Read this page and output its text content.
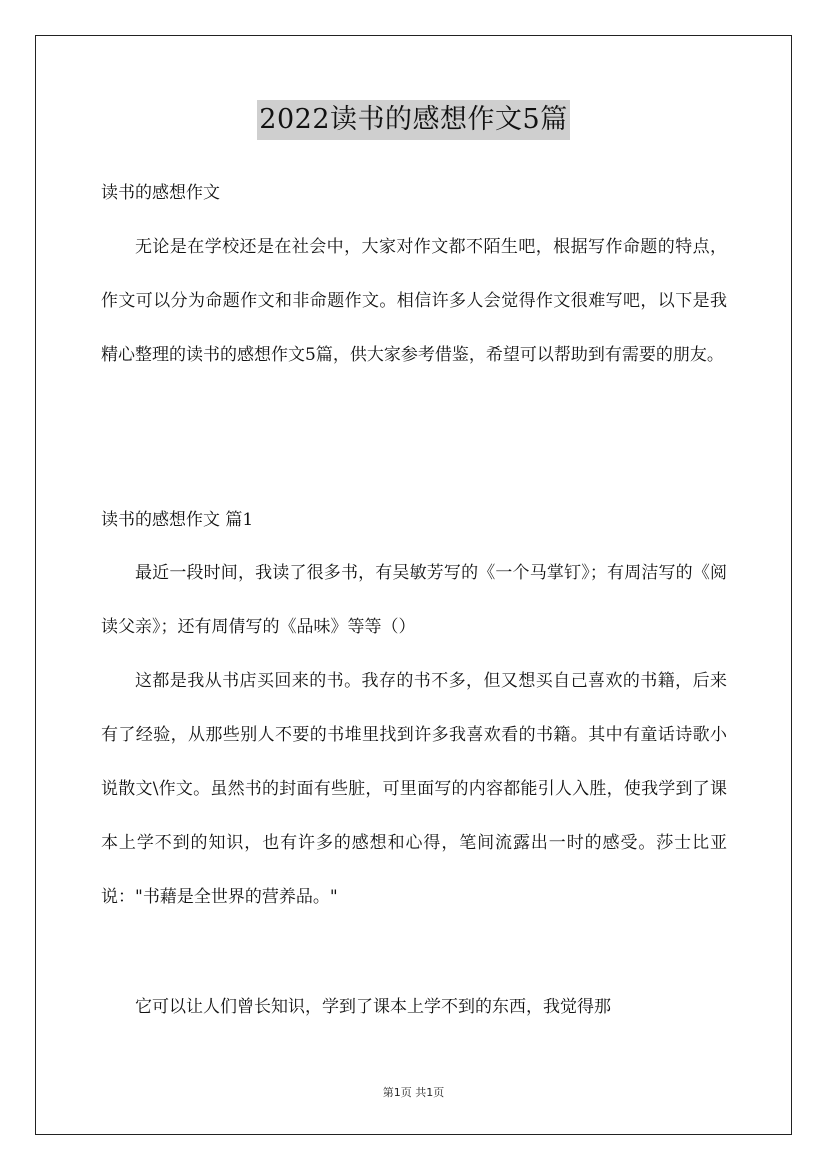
2022读书的感想作文5篇
读书的感想作文
无论是在学校还是在社会中，大家对作文都不陌生吧，根据写作命题的特点，作文可以分为命题作文和非命题作文。相信许多人会觉得作文很难写吧，以下是我精心整理的读书的感想作文5篇，供大家参考借鉴，希望可以帮助到有需要的朋友。
读书的感想作文 篇1
最近一段时间，我读了很多书，有吴敏芳写的《一个马掌钉》；有周洁写的《阅读父亲》；还有周倩写的《品味》等等（）
这都是我从书店买回来的书。我存的书不多，但又想买自己喜欢的书籍，后来有了经验，从那些别人不要的书堆里找到许多我喜欢看的书籍。其中有童话诗歌小说散文\作文。虽然书的封面有些脏，可里面写的内容都能引人入胜，使我学到了课本上学不到的知识，也有许多的感想和心得，笔间流露出一时的感受。莎士比亚说："书藉是全世界的营养品。"
它可以让人们曾长知识，学到了课本上学不到的东西，我觉得那
第1页 共1页
